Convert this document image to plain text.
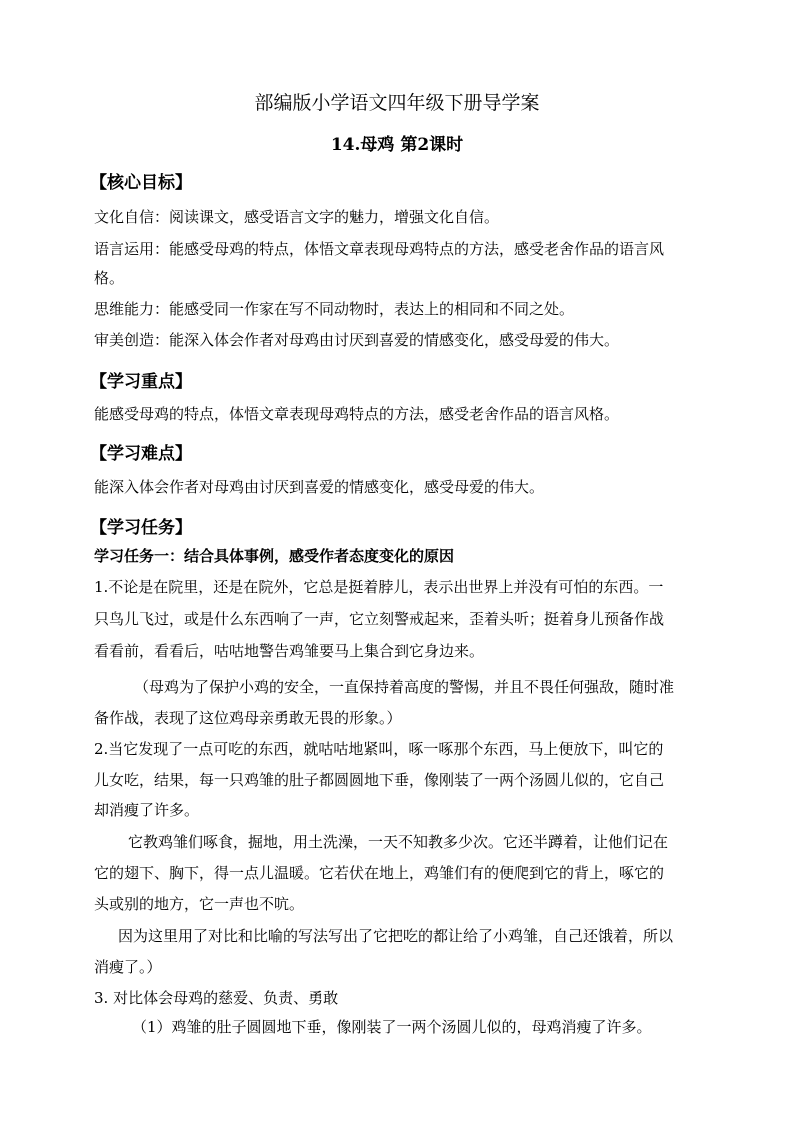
部编版小学语文四年级下册导学案
14.母鸡 第2课时
【核心目标】
文化自信：阅读课文，感受语言文字的魅力，增强文化自信。
语言运用：能感受母鸡的特点，体悟文章表现母鸡特点的方法，感受老舍作品的语言风
格。
思维能力：能感受同一作家在写不同动物时，表达上的相同和不同之处。
审美创造：能深入体会作者对母鸡由讨厌到喜爱的情感变化，感受母爱的伟大。
【学习重点】
能感受母鸡的特点，体悟文章表现母鸡特点的方法，感受老舍作品的语言风格。
【学习难点】
能深入体会作者对母鸡由讨厌到喜爱的情感变化，感受母爱的伟大。
【学习任务】
学习任务一：结合具体事例，感受作者态度变化的原因
1.不论是在院里，还是在院外，它总是挺着脖儿，表示出世界上并没有可怕的东西。一
只鸟儿飞过，或是什么东西响了一声，它立刻警戒起来，歪着头听；挺着身儿预备作战
看看前，看看后，咕咕地警告鸡雏要马上集合到它身边来。
（母鸡为了保护小鸡的安全，一直保持着高度的警惕，并且不畏任何强敌，随时准
备作战，表现了这位鸡母亲勇敢无畏的形象。）
2.当它发现了一点可吃的东西，就咕咕地紧叫，啄一啄那个东西，马上便放下，叫它的
儿女吃，结果，每一只鸡雏的肚子都圆圆地下垂，像刚装了一两个汤圆儿似的，它自己
却消瘦了许多。
它教鸡雏们啄食，掘地，用土洗澡，一天不知教多少次。它还半蹲着，让他们记在
它的翅下、胸下，得一点儿温暖。它若伏在地上，鸡雏们有的便爬到它的背上，啄它的
头或别的地方，它一声也不吭。
因为这里用了对比和比喻的写法写出了它把吃的都让给了小鸡雏，自己还饿着，所以
消瘦了。）
3. 对比体会母鸡的慈爱、负责、勇敢
（1）鸡雏的肚子圆圆地下垂，像刚装了一两个汤圆儿似的，母鸡消瘦了许多。
